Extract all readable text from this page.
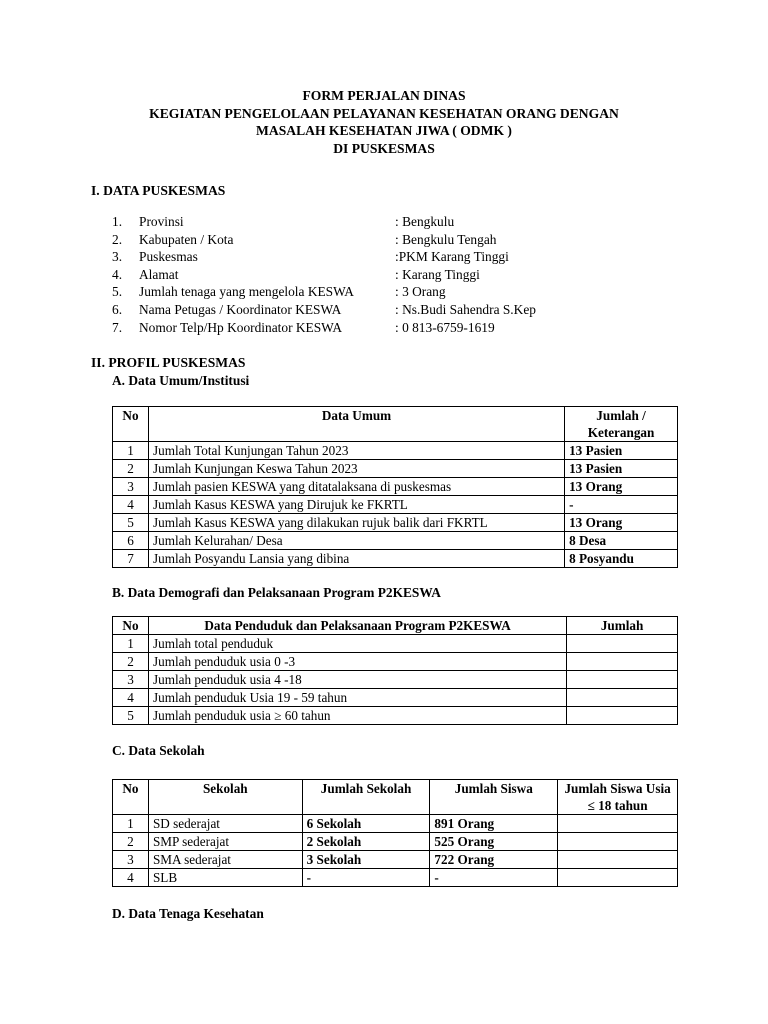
FORM PERJALAN DINAS
KEGIATAN PENGELOLAAN PELAYANAN KESEHATAN ORANG DENGAN
MASALAH KESEHATAN JIWA ( ODMK )
DI PUSKESMAS
I. DATA PUSKESMAS
1. Provinsi	: Bengkulu
2. Kabupaten / Kota	: Bengkulu Tengah
3. Puskesmas	:PKM Karang Tinggi
4. Alamat	: Karang Tinggi
5. Jumlah tenaga yang mengelola KESWA	: 3 Orang
6. Nama Petugas / Koordinator KESWA	: Ns.Budi Sahendra S.Kep
7. Nomor Telp/Hp Koordinator KESWA	: 0 813-6759-1619
II. PROFIL PUSKESMAS
A. Data Umum/Institusi
No	Data Umum	Jumlah / Keterangan
1	Jumlah Total Kunjungan Tahun 2023	13 Pasien
2	Jumlah Kunjungan Keswa Tahun 2023	13 Pasien
3	Jumlah pasien KESWA yang ditatalaksana di puskesmas	13 Orang
4	Jumlah Kasus KESWA yang Dirujuk ke FKRTL	-
5	Jumlah Kasus KESWA yang dilakukan rujuk balik dari FKRTL	13 Orang
6	Jumlah Kelurahan/ Desa	8 Desa
7	Jumlah Posyandu Lansia yang dibina	8 Posyandu
B. Data Demografi dan Pelaksanaan Program P2KESWA
No	Data Penduduk dan Pelaksanaan Program P2KESWA	Jumlah
1	Jumlah total penduduk	
2	Jumlah penduduk usia 0 -3	
3	Jumlah penduduk usia 4 -18	
4	Jumlah penduduk Usia 19 - 59 tahun	
5	Jumlah penduduk usia ≥ 60 tahun	
C. Data Sekolah
No	Sekolah	Jumlah Sekolah	Jumlah Siswa	Jumlah Siswa Usia ≤ 18 tahun
1	SD sederajat	6 Sekolah	891 Orang	
2	SMP sederajat	2 Sekolah	525 Orang	
3	SMA sederajat	3 Sekolah	722 Orang	
4	SLB	-	-	
D. Data Tenaga Kesehatan
